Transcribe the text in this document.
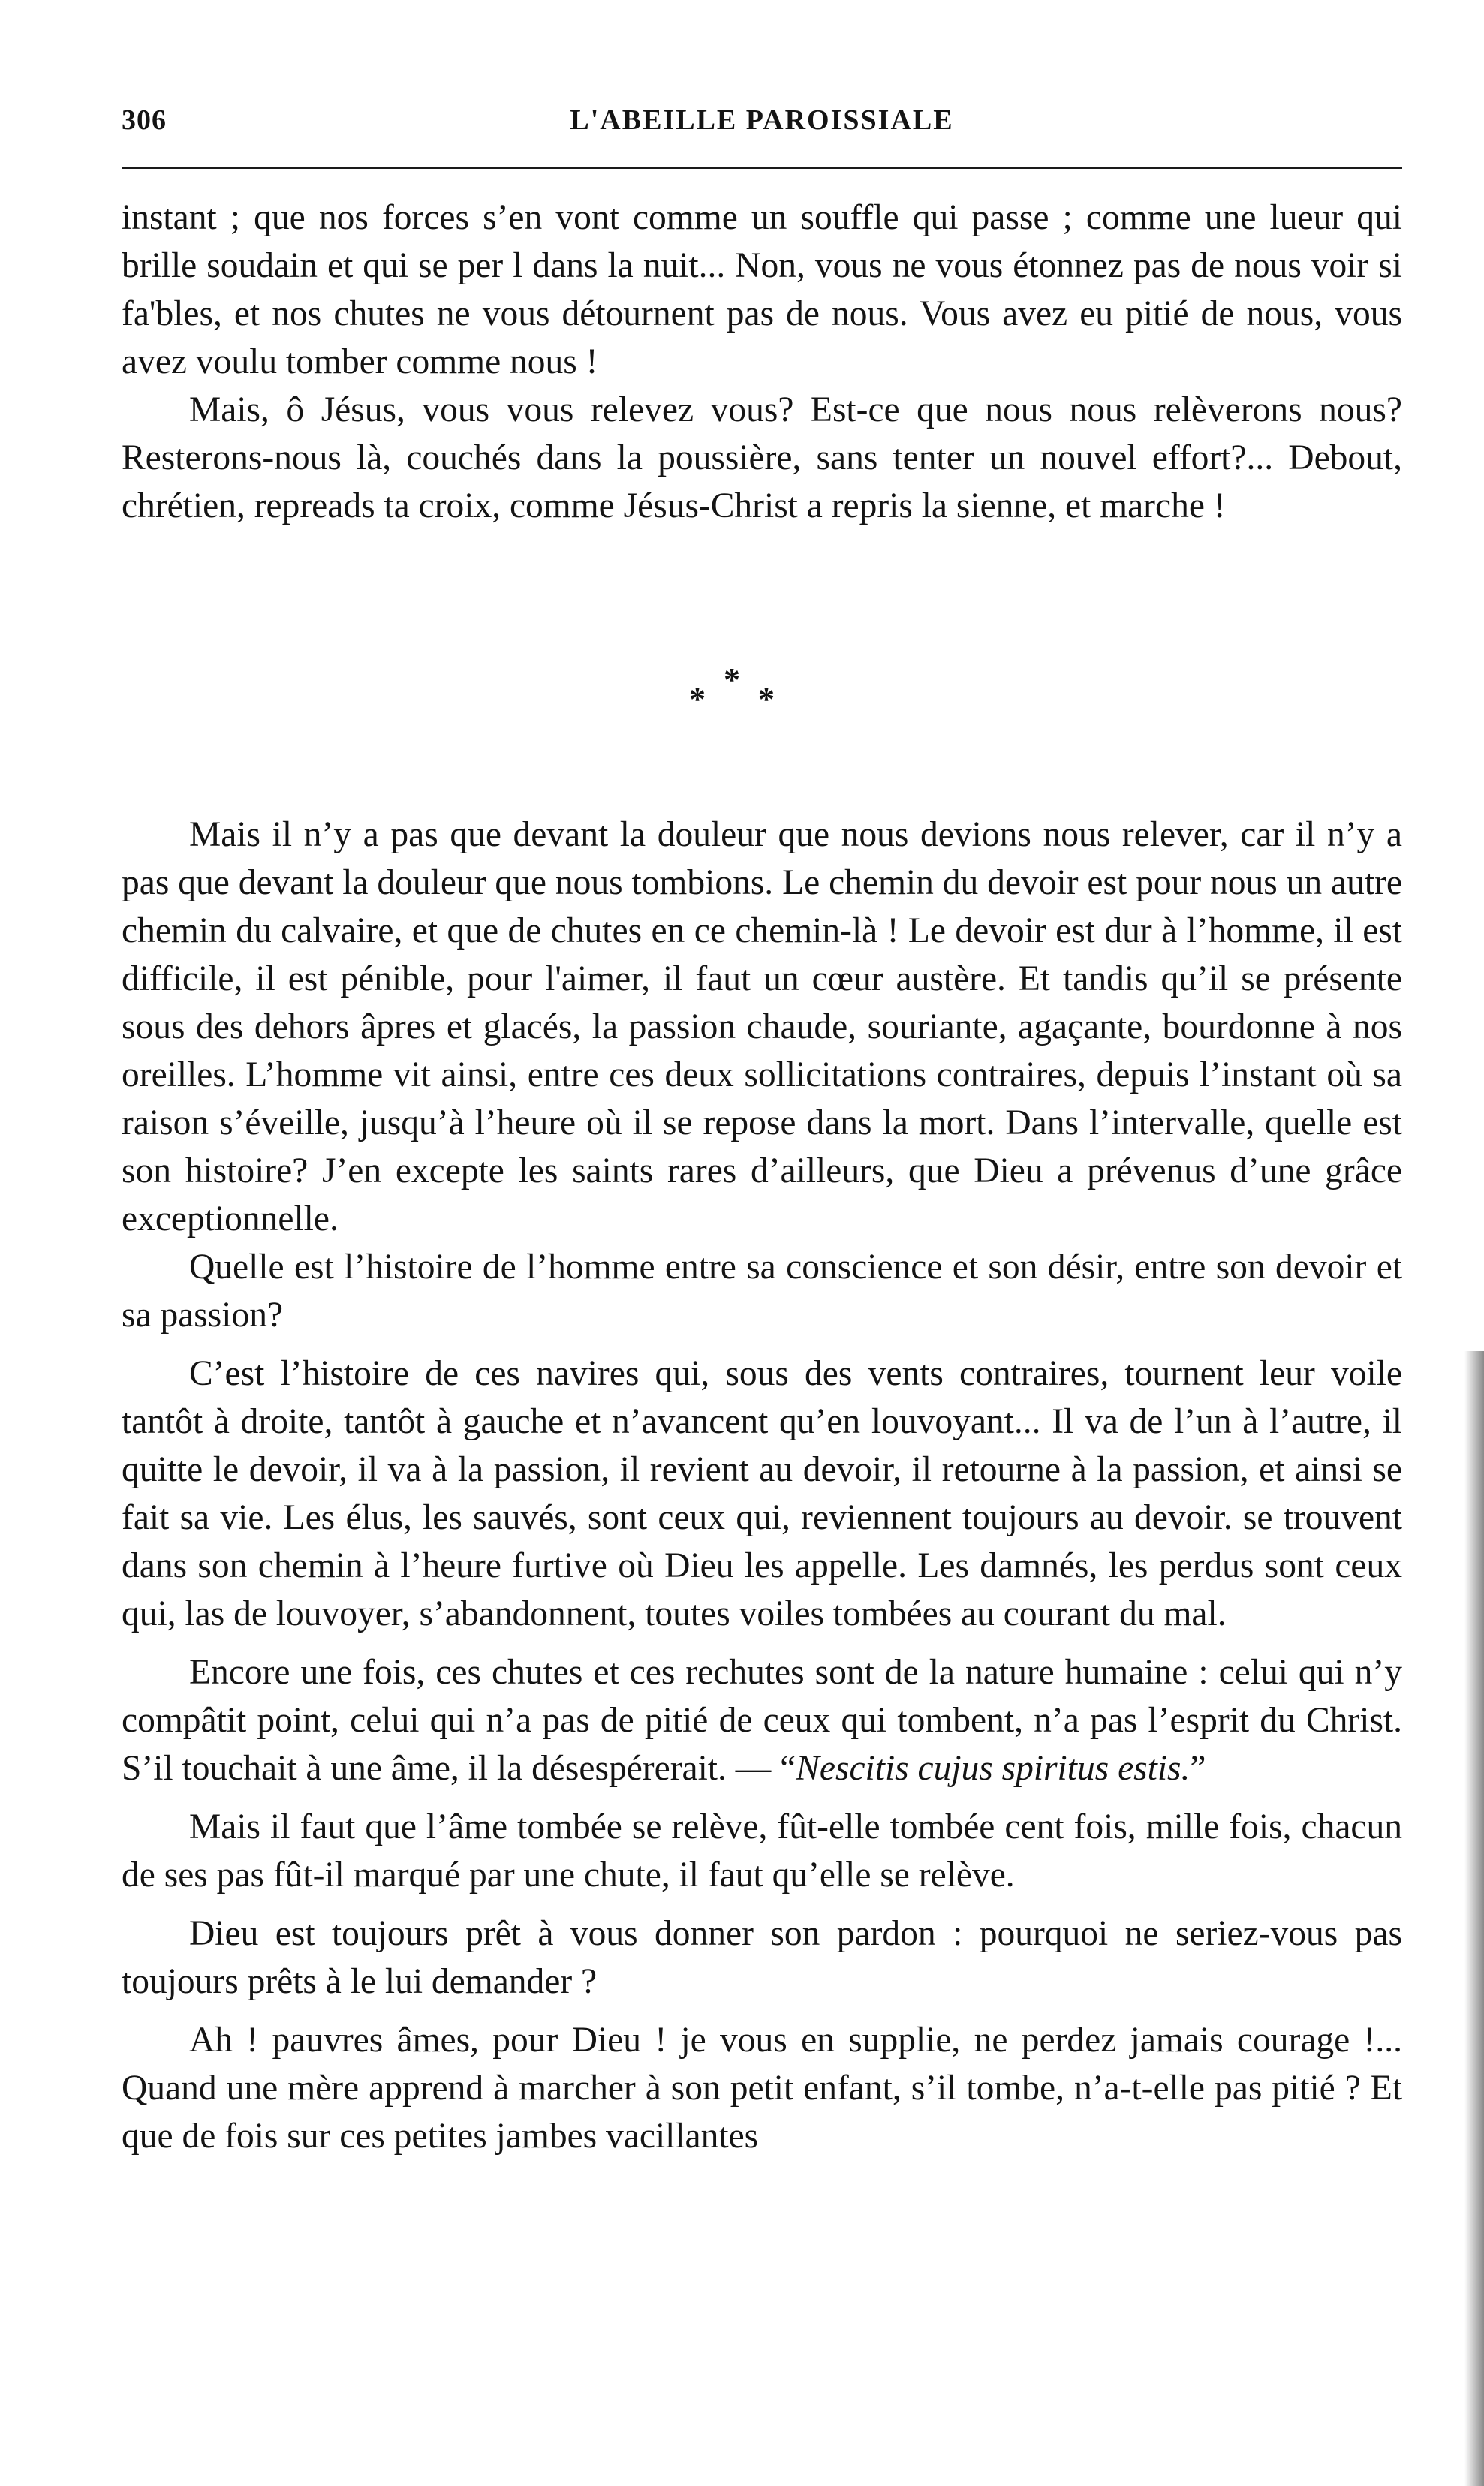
306	L'ABEILLE PAROISSIALE

instant ; que nos forces s’en vont comme un souffle qui passe ; comme une lueur qui brille soudain et qui se per l dans la nuit... Non, vous ne vous étonnez pas de nous voir si fa'bles, et nos chutes ne vous détournent pas de nous. Vous avez eu pitié de nous, vous avez voulu tomber comme nous !

Mais, ô Jésus, vous vous relevez vous? Est-ce que nous nous relèverons nous? Resterons-nous là, couchés dans la poussière, sans tenter un nouvel effort?... Debout, chrétien, repreads ta croix, comme Jésus-Christ a repris la sienne, et marche !

*
* *

Mais il n’y a pas que devant la douleur que nous devions nous relever, car il n’y a pas que devant la douleur que nous tombions. Le chemin du devoir est pour nous un autre chemin du calvaire, et que de chutes en ce chemin-là ! Le devoir est dur à l’homme, il est difficile, il est pénible, pour l'aimer, il faut un cœur austère. Et tandis qu’il se présente sous des dehors âpres et glacés, la passion chaude, souriante, agaçante, bourdonne à nos oreilles. L’homme vit ainsi, entre ces deux sollicitations contraires, depuis l’instant où sa raison s’éveille, jusqu’à l’heure où il se repose dans la mort. Dans l’intervalle, quelle est son histoire? J’en excepte les saints rares d’ailleurs, que Dieu a prévenus d’une grâce exceptionnelle.

Quelle est l’histoire de l’homme entre sa conscience et son désir, entre son devoir et sa passion?

C’est l’histoire de ces navires qui, sous des vents contraires, tournent leur voile tantôt à droite, tantôt à gauche et n’avancent qu’en louvoyant... Il va de l’un à l’autre, il quitte le devoir, il va à la passion, il revient au devoir, il retourne à la passion, et ainsi se fait sa vie. Les élus, les sauvés, sont ceux qui, reviennent toujours au devoir. se trouvent dans son chemin à l’heure furtive où Dieu les appelle. Les damnés, les perdus sont ceux qui, las de louvoyer, s’abandonnent, toutes voiles tombées au courant du mal.

Encore une fois, ces chutes et ces rechutes sont de la nature humaine : celui qui n’y compâtit point, celui qui n’a pas de pitié de ceux qui tombent, n’a pas l’esprit du Christ. S’il touchait à une âme, il la désespérerait. — “Nescitis cujus spiritus estis.”

Mais il faut que l’âme tombée se relève, fût-elle tombée cent fois, mille fois, chacun de ses pas fût-il marqué par une chute, il faut qu’elle se relève.

Dieu est toujours prêt à vous donner son pardon : pourquoi ne seriez-vous pas toujours prêts à le lui demander ?

Ah ! pauvres âmes, pour Dieu ! je vous en supplie, ne perdez jamais courage !... Quand une mère apprend à marcher à son petit enfant, s’il tombe, n’a-t-elle pas pitié ? Et que de fois sur ces petites jambes vacillantes
